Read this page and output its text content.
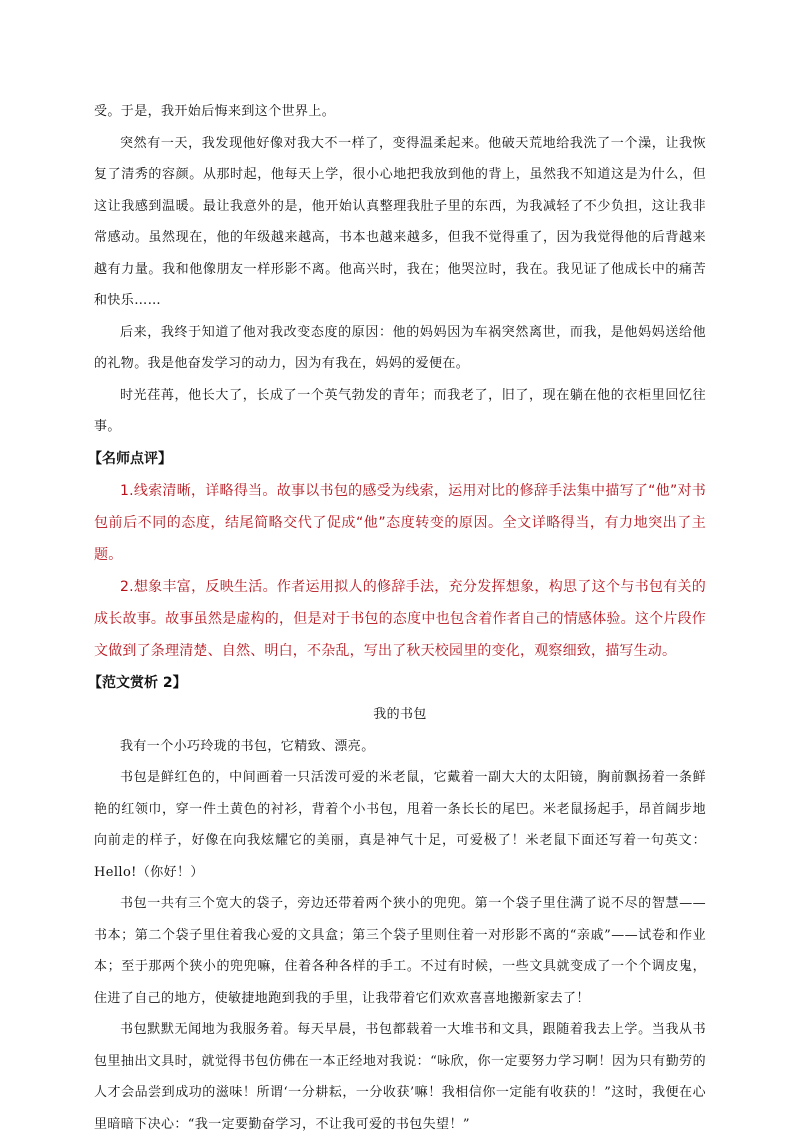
受。于是，我开始后悔来到这个世界上。

突然有一天，我发现他好像对我大不一样了，变得温柔起来。他破天荒地给我洗了一个澡，让我恢复了清秀的容颜。从那时起，他每天上学，很小心地把我放到他的背上，虽然我不知道这是为什么，但这让我感到温暖。最让我意外的是，他开始认真整理我肚子里的东西，为我减轻了不少负担，这让我非常感动。虽然现在，他的年级越来越高，书本也越来越多，但我不觉得重了，因为我觉得他的后背越来越有力量。我和他像朋友一样形影不离。他高兴时，我在；他哭泣时，我在。我见证了他成长中的痛苦和快乐……

后来，我终于知道了他对我改变态度的原因：他的妈妈因为车祸突然离世，而我，是他妈妈送给他的礼物。我是他奋发学习的动力，因为有我在，妈妈的爱便在。

时光荏苒，他长大了，长成了一个英气勃发的青年；而我老了，旧了，现在躺在他的衣柜里回忆往事。

【名师点评】

1.线索清晰，详略得当。故事以书包的感受为线索，运用对比的修辞手法集中描写了“他”对书包前后不同的态度，结尾简略交代了促成“他”态度转变的原因。全文详略得当，有力地突出了主题。

2.想象丰富，反映生活。作者运用拟人的修辞手法，充分发挥想象，构思了这个与书包有关的成长故事。故事虽然是虚构的，但是对于书包的态度中也包含着作者自己的情感体验。这个片段作文做到了条理清楚、自然、明白，不杂乱，写出了秋天校园里的变化，观察细致，描写生动。

【范文赏析 2】

我的书包

我有一个小巧玲珑的书包，它精致、漂亮。

书包是鲜红色的，中间画着一只活泼可爱的米老鼠，它戴着一副大大的太阳镜，胸前飘扬着一条鲜艳的红领巾，穿一件土黄色的衬衫，背着个小书包，甩着一条长长的尾巴。米老鼠扬起手，昂首阔步地向前走的样子，好像在向我炫耀它的美丽，真是神气十足，可爱极了！米老鼠下面还写着一句英文：Hello!（你好！）

书包一共有三个宽大的袋子，旁边还带着两个狭小的兜兜。第一个袋子里住满了说不尽的智慧——书本；第二个袋子里住着我心爱的文具盒；第三个袋子里则住着一对形影不离的“亲戚”——试卷和作业本；至于那两个狭小的兜兜嘛，住着各种各样的手工。不过有时候，一些文具就变成了一个个调皮鬼，住进了自己的地方，使敏捷地跑到我的手里，让我带着它们欢欢喜喜地搬新家去了！

书包默默无闻地为我服务着。每天早晨，书包都载着一大堆书和文具，跟随着我去上学。当我从书包里抽出文具时，就觉得书包仿佛在一本正经地对我说：“咏欣，你一定要努力学习啊！因为只有勤劳的人才会品尝到成功的滋味！所谓‘一分耕耘，一分收获’嘛！我相信你一定能有收获的！”这时，我便在心里暗暗下决心：“我一定要勤奋学习，不让我可爱的书包失望！”
